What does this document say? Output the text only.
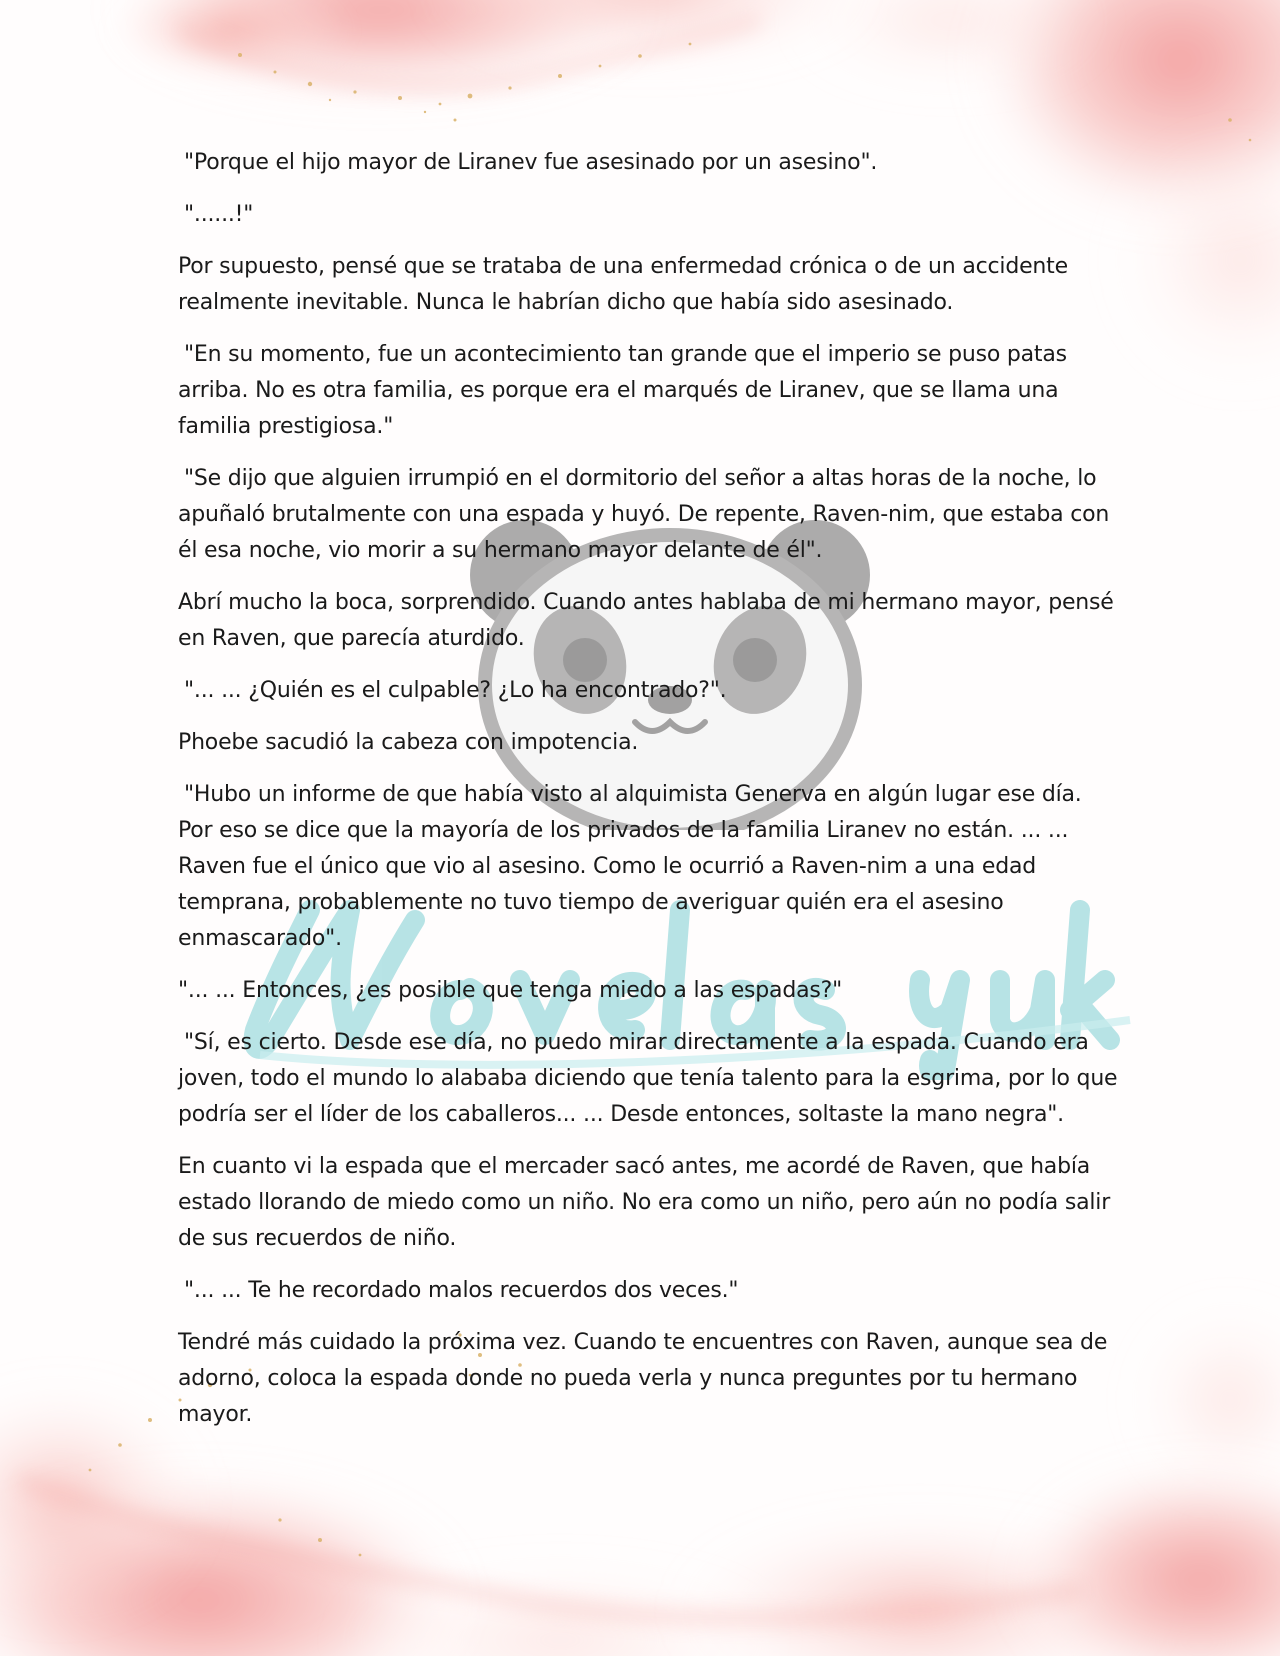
"Porque el hijo mayor de Liranev fue asesinado por un asesino".

"......!"

Por supuesto, pensé que se trataba de una enfermedad crónica o de un accidente realmente inevitable. Nunca le habrían dicho que había sido asesinado.

"En su momento, fue un acontecimiento tan grande que el imperio se puso patas arriba. No es otra familia, es porque era el marqués de Liranev, que se llama una familia prestigiosa."

"Se dijo que alguien irrumpió en el dormitorio del señor a altas horas de la noche, lo apuñaló brutalmente con una espada y huyó. De repente, Raven-nim, que estaba con él esa noche, vio morir a su hermano mayor delante de él".

Abrí mucho la boca, sorprendido. Cuando antes hablaba de mi hermano mayor, pensé en Raven, que parecía aturdido.

"... ... ¿Quién es el culpable? ¿Lo ha encontrado?".

Phoebe sacudió la cabeza con impotencia.

"Hubo un informe de que había visto al alquimista Generva en algún lugar ese día. Por eso se dice que la mayoría de los privados de la familia Liranev no están. ... ... Raven fue el único que vio al asesino. Como le ocurrió a Raven-nim a una edad temprana, probablemente no tuvo tiempo de averiguar quién era el asesino enmascarado".

"... ... Entonces, ¿es posible que tenga miedo a las espadas?"

"Sí, es cierto. Desde ese día, no puedo mirar directamente a la espada. Cuando era joven, todo el mundo lo alababa diciendo que tenía talento para la esgrima, por lo que podría ser el líder de los caballeros... ... Desde entonces, soltaste la mano negra".

En cuanto vi la espada que el mercader sacó antes, me acordé de Raven, que había estado llorando de miedo como un niño. No era como un niño, pero aún no podía salir de sus recuerdos de niño.

"... ... Te he recordado malos recuerdos dos veces."

Tendré más cuidado la próxima vez. Cuando te encuentres con Raven, aunque sea de adorno, coloca la espada donde no pueda verla y nunca preguntes por tu hermano mayor.
